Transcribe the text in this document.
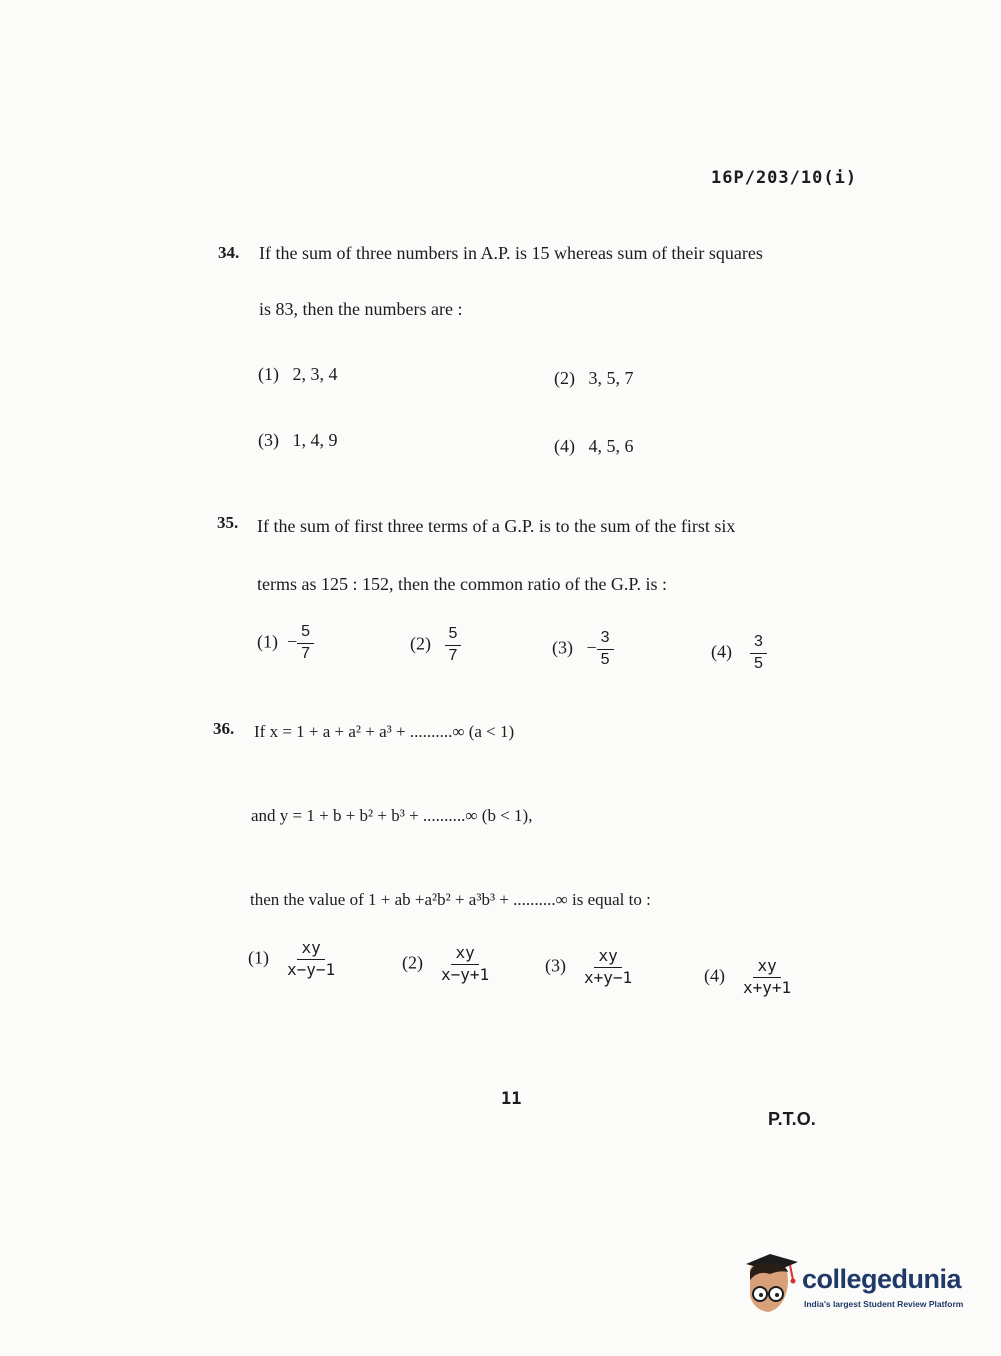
16P/203/10(i)
34. If the sum of three numbers in A.P. is 15 whereas sum of their squares
is 83, then the numbers are :
(1) 2, 3, 4	(2) 3, 5, 7
(3) 1, 4, 9	(4) 4, 5, 6
35. If the sum of first three terms of a G.P. is to the sum of the first six
terms as 125 : 152, then the common ratio of the G.P. is :
$(1) - \frac{5}{7}$	$(2) \frac{5}{7}$	$(3) - \frac{3}{5}$	$(4) \frac{3}{5}$
36. If x = 1 + a + a² + a³ + ..........∞ (a < 1)
and y = 1 + b + b² + b³ + ..........∞ (b < 1),
then the value of 1 + ab +a²b² + a³b³ + ..........∞ is equal to :
$(1) \frac{xy}{x-y-1}$	$(2) \frac{xy}{x-y+1}$	$(3) \frac{xy}{x+y-1}$	$(4) \frac{xy}{x+y+1}$
11
P.T.O.
collegedunia
India's largest Student Review Platform
